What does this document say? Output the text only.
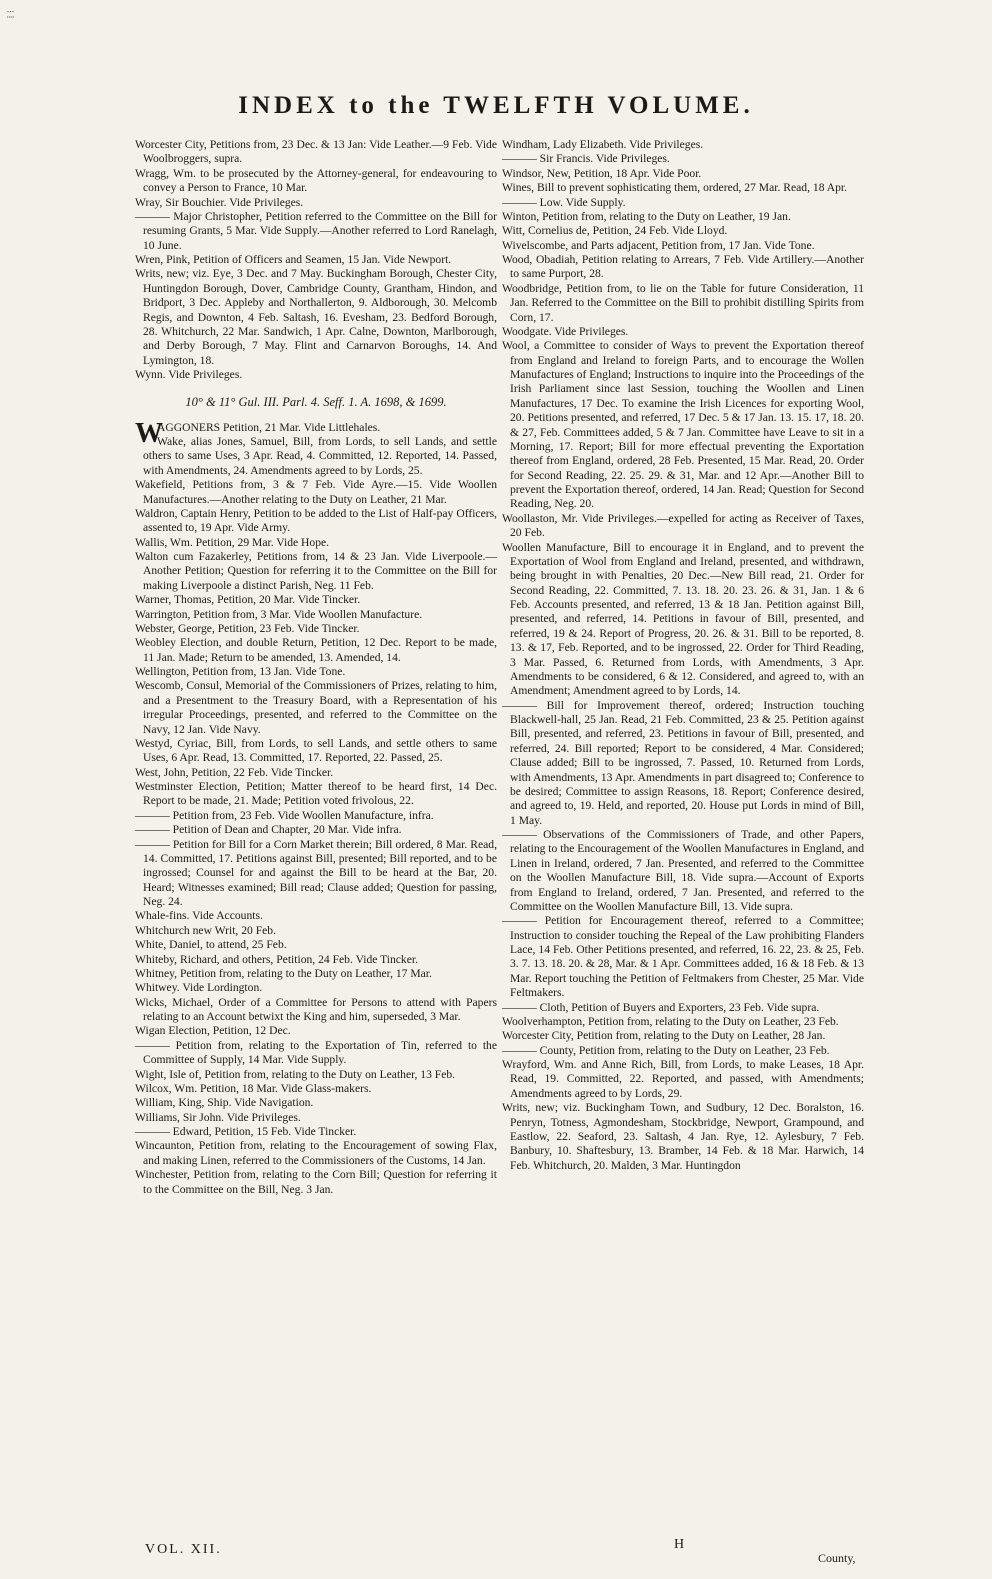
⁝ ⁞
INDEX to the TWELFTH VOLUME.

Worcester City, Petitions from, 23 Dec. & 13 Jan: Vide Leather.—9 Feb. Vide Woolbroggers, supra.

Wragg, Wm. to be prosecuted by the Attorney-general, for endeavouring to convey a Person to France, 10 Mar.

Wray, Sir Bouchier. Vide Privileges.

——— Major Christopher, Petition referred to the Committee on the Bill for resuming Grants, 5 Mar. Vide Supply.—Another referred to Lord Ranelagh, 10 June.

Wren, Pink, Petition of Officers and Seamen, 15 Jan. Vide Newport.

Writs, new; viz. Eye, 3 Dec. and 7 May. Buckingham Borough, Chester City, Huntingdon Borough, Dover, Cambridge County, Grantham, Hindon, and Bridport, 3 Dec. Appleby and Northallerton, 9. Aldborough, 30. Melcomb Regis, and Downton, 4 Feb. Saltash, 16. Evesham, 23. Bedford Borough, 28. Whitchurch, 22 Mar. Sandwich, 1 Apr. Calne, Downton, Marlborough, and Derby Borough, 7 May. Flint and Carnarvon Boroughs, 14. And Lymington, 18.

Wynn. Vide Privileges.

10° & 11° Gul. III. Parl. 4. Seff. 1. A. 1698, & 1699.

W
AGGONERS Petition, 21 Mar. Vide Littlehales.

Wake, alias Jones, Samuel, Bill, from Lords, to sell Lands, and settle others to same Uses, 3 Apr. Read, 4. Committed, 12. Reported, 14. Passed, with Amendments, 24. Amendments agreed to by Lords, 25.

Wakefield, Petitions from, 3 & 7 Feb. Vide Ayre.—15. Vide Woollen Manufactures.—Another relating to the Duty on Leather, 21 Mar.

Waldron, Captain Henry, Petition to be added to the List of Half-pay Officers, assented to, 19 Apr. Vide Army.

Wallis, Wm. Petition, 29 Mar. Vide Hope.

Walton cum Fazakerley, Petitions from, 14 & 23 Jan. Vide Liverpoole.—Another Petition; Question for referring it to the Committee on the Bill for making Liverpoole a distinct Parish, Neg. 11 Feb.

Warner, Thomas, Petition, 20 Mar. Vide Tincker.

Warrington, Petition from, 3 Mar. Vide Woollen Manufacture.

Webster, George, Petition, 23 Feb. Vide Tincker.

Weobley Election, and double Return, Petition, 12 Dec. Report to be made, 11 Jan. Made; Return to be amended, 13. Amended, 14.

Wellington, Petition from, 13 Jan. Vide Tone.

Wescomb, Consul, Memorial of the Commissioners of Prizes, relating to him, and a Presentment to the Treasury Board, with a Representation of his irregular Proceedings, presented, and referred to the Committee on the Navy, 12 Jan. Vide Navy.

Westyd, Cyriac, Bill, from Lords, to sell Lands, and settle others to same Uses, 6 Apr. Read, 13. Committed, 17. Reported, 22. Passed, 25.

West, John, Petition, 22 Feb. Vide Tincker.

Westminster Election, Petition; Matter thereof to be heard first, 14 Dec. Report to be made, 21. Made; Petition voted frivolous, 22.

——— Petition from, 23 Feb. Vide Woollen Manufacture, infra.

——— Petition of Dean and Chapter, 20 Mar. Vide infra.

——— Petition for Bill for a Corn Market therein; Bill ordered, 8 Mar. Read, 14. Committed, 17. Petitions against Bill, presented; Bill reported, and to be ingrossed; Counsel for and against the Bill to be heard at the Bar, 20. Heard; Witnesses examined; Bill read; Clause added; Question for passing, Neg. 24.

Whale-fins. Vide Accounts.

Whitchurch new Writ, 20 Feb.

White, Daniel, to attend, 25 Feb.

Whiteby, Richard, and others, Petition, 24 Feb. Vide Tincker.

Whitney, Petition from, relating to the Duty on Leather, 17 Mar.

Whitwey. Vide Lordington.

Wicks, Michael, Order of a Committee for Persons to attend with Papers relating to an Account betwixt the King and him, superseded, 3 Mar.

Wigan Election, Petition, 12 Dec.

——— Petition from, relating to the Exportation of Tin, referred to the Committee of Supply, 14 Mar. Vide Supply.

Wight, Isle of, Petition from, relating to the Duty on Leather, 13 Feb.

Wilcox, Wm. Petition, 18 Mar. Vide Glass-makers.

William, King, Ship. Vide Navigation.

Williams, Sir John. Vide Privileges.

——— Edward, Petition, 15 Feb. Vide Tincker.

Wincaunton, Petition from, relating to the Encouragement of sowing Flax, and making Linen, referred to the Commissioners of the Customs, 14 Jan.

Winchester, Petition from, relating to the Corn Bill; Question for referring it to the Committee on the Bill, Neg. 3 Jan.

Windham, Lady Elizabeth. Vide Privileges.

——— Sir Francis. Vide Privileges.

Windsor, New, Petition, 18 Apr. Vide Poor.

Wines, Bill to prevent sophisticating them, ordered, 27 Mar. Read, 18 Apr.

——— Low. Vide Supply.

Winton, Petition from, relating to the Duty on Leather, 19 Jan.

Witt, Cornelius de, Petition, 24 Feb. Vide Lloyd.

Wivelscombe, and Parts adjacent, Petition from, 17 Jan. Vide Tone.

Wood, Obadiah, Petition relating to Arrears, 7 Feb. Vide Artillery.—Another to same Purport, 28.

Woodbridge, Petition from, to lie on the Table for future Consideration, 11 Jan. Referred to the Committee on the Bill to prohibit distilling Spirits from Corn, 17.

Woodgate. Vide Privileges.

Wool, a Committee to consider of Ways to prevent the Exportation thereof from England and Ireland to foreign Parts, and to encourage the Wollen Manufactures of England; Instructions to inquire into the Proceedings of the Irish Parliament since last Session, touching the Woollen and Linen Manufactures, 17 Dec. To examine the Irish Licences for exporting Wool, 20. Petitions presented, and referred, 17 Dec. 5 & 17 Jan. 13. 15. 17, 18. 20. & 27, Feb. Committees added, 5 & 7 Jan. Committee have Leave to sit in a Morning, 17. Report; Bill for more effectual preventing the Exportation thereof from England, ordered, 28 Feb. Presented, 15 Mar. Read, 20. Order for Second Reading, 22. 25. 29. & 31, Mar. and 12 Apr.—Another Bill to prevent the Exportation thereof, ordered, 14 Jan. Read; Question for Second Reading, Neg. 20.

Woollaston, Mr. Vide Privileges.—expelled for acting as Receiver of Taxes, 20 Feb.

Woollen Manufacture, Bill to encourage it in England, and to prevent the Exportation of Wool from England and Ireland, presented, and withdrawn, being brought in with Penalties, 20 Dec.—New Bill read, 21. Order for Second Reading, 22. Committed, 7. 13. 18. 20. 23. 26. & 31, Jan. 1 & 6 Feb. Accounts presented, and referred, 13 & 18 Jan. Petition against Bill, presented, and referred, 14. Petitions in favour of Bill, presented, and referred, 19 & 24. Report of Progress, 20. 26. & 31. Bill to be reported, 8. 13. & 17, Feb. Reported, and to be ingrossed, 22. Order for Third Reading, 3 Mar. Passed, 6. Returned from Lords, with Amendments, 3 Apr. Amendments to be considered, 6 & 12. Considered, and agreed to, with an Amendment; Amendment agreed to by Lords, 14.

——— Bill for Improvement thereof, ordered; Instruction touching Blackwell-hall, 25 Jan. Read, 21 Feb. Committed, 23 & 25. Petition against Bill, presented, and referred, 23. Petitions in favour of Bill, presented, and referred, 24. Bill reported; Report to be considered, 4 Mar. Considered; Clause added; Bill to be ingrossed, 7. Passed, 10. Returned from Lords, with Amendments, 13 Apr. Amendments in part disagreed to; Conference to be desired; Committee to assign Reasons, 18. Report; Conference desired, and agreed to, 19. Held, and reported, 20. House put Lords in mind of Bill, 1 May.

——— Observations of the Commissioners of Trade, and other Papers, relating to the Encouragement of the Woollen Manufactures in England, and Linen in Ireland, ordered, 7 Jan. Presented, and referred to the Committee on the Woollen Manufacture Bill, 18. Vide supra.—Account of Exports from England to Ireland, ordered, 7 Jan. Presented, and referred to the Committee on the Woollen Manufacture Bill, 13. Vide supra.

——— Petition for Encouragement thereof, referred to a Committee; Instruction to consider touching the Repeal of the Law prohibiting Flanders Lace, 14 Feb. Other Petitions presented, and referred, 16. 22, 23. & 25, Feb. 3. 7. 13. 18. 20. & 28, Mar. & 1 Apr. Committees added, 16 & 18 Feb. & 13 Mar. Report touching the Petition of Feltmakers from Chester, 25 Mar. Vide Feltmakers.

——— Cloth, Petition of Buyers and Exporters, 23 Feb. Vide supra.

Woolverhampton, Petition from, relating to the Duty on Leather, 23 Feb.

Worcester City, Petition from, relating to the Duty on Leather, 28 Jan.

——— County, Petition from, relating to the Duty on Leather, 23 Feb.

Wrayford, Wm. and Anne Rich, Bill, from Lords, to make Leases, 18 Apr. Read, 19. Committed, 22. Reported, and passed, with Amendments; Amendments agreed to by Lords, 29.

Writs, new; viz. Buckingham Town, and Sudbury, 12 Dec. Boralston, 16. Penryn, Totness, Agmondesham, Stockbridge, Newport, Grampound, and Eastlow, 22. Seaford, 23. Saltash, 4 Jan. Rye, 12. Aylesbury, 7 Feb. Banbury, 10. Shaftesbury, 13. Bramber, 14 Feb. & 18 Mar. Harwich, 14 Feb. Whitchurch, 20. Malden, 3 Mar. Huntingdon

VOL. XII.	H
County,
